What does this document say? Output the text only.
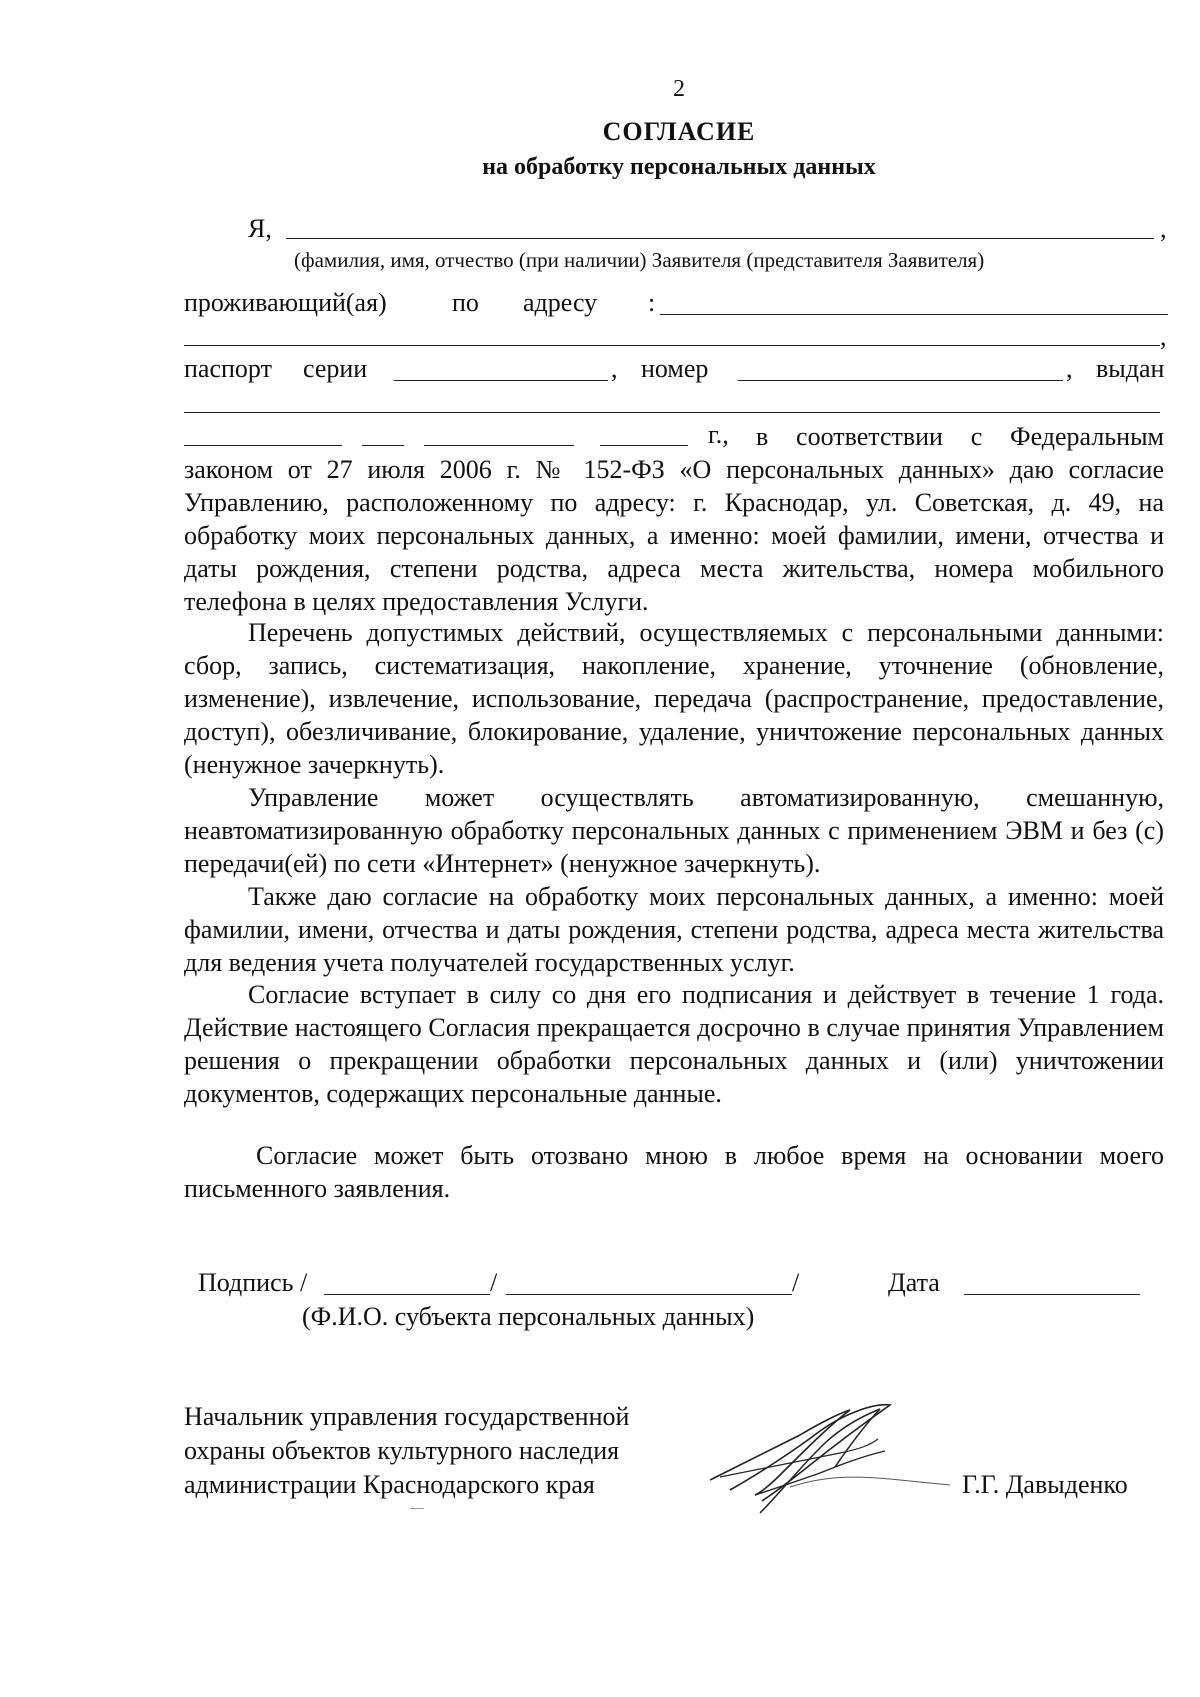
2
СОГЛАСИЕ
на обработку персональных данных
Я,	,
(фамилия, имя, отчество (при наличии) Заявителя (представителя Заявителя)
проживающий(ая)	по адресу :
,
паспорт серии	, номер	, выдан
г.,	в соответствии с Федеральным законом от 27 июля 2006 г. № 152-ФЗ «О персональных данных» даю согласие Управлению, расположенному по адресу: г. Краснодар, ул. Советская, д. 49, на обработку моих персональных данных, а именно: моей фамилии, имени, отчества и даты рождения, степени родства, адреса места жительства, номера мобильного телефона в целях предоставления Услуги.

Перечень допустимых действий, осуществляемых с персональными данными: сбор, запись, систематизация, накопление, хранение, уточнение (обновление, изменение), извлечение, использование, передача (распространение, предоставление, доступ), обезличивание, блокирование, удаление, уничтожение персональных данных (ненужное зачеркнуть).

Управление может осуществлять автоматизированную, смешанную, неавтоматизированную обработку персональных данных с применением ЭВМ и без (с) передачи(ей) по сети «Интернет» (ненужное зачеркнуть).

Также даю согласие на обработку моих персональных данных, а именно: моей фамилии, имени, отчества и даты рождения, степени родства, адреса места жительства для ведения учета получателей государственных услуг.

Согласие вступает в силу со дня его подписания и действует в течение 1 года. Действие настоящего Согласия прекращается досрочно в случае принятия Управлением решения о прекращении обработки персональных данных и (или) уничтожении документов, содержащих персональные данные.

Согласие может быть отозвано мною в любое время на основании моего письменного заявления.

Подпись /	/	/	Дата
(Ф.И.О. субъекта персональных данных)
Начальник управления государственной
охраны объектов культурного наследия
администрации Краснодарского края	Г.Г. Давыденко
